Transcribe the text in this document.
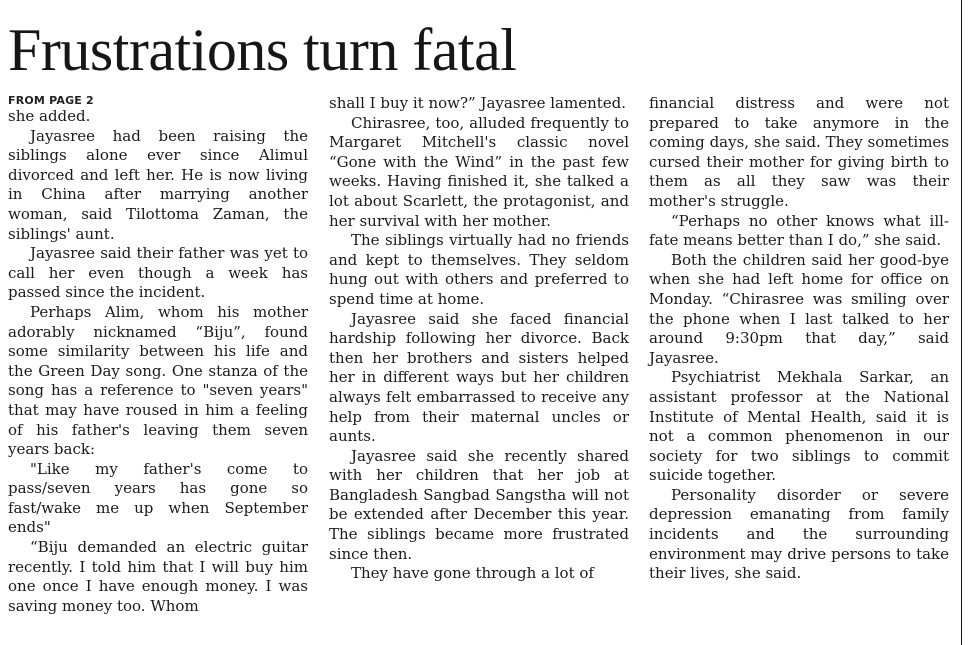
Frustrations turn fatal
FROM PAGE 2

she added.

Jayasree had been raising the siblings alone ever since Alimul divorced and left her. He is now living in China after marrying another woman, said Tilottoma Zaman, the siblings' aunt.

Jayasree said their father was yet to call her even though a week has passed since the incident.

Perhaps Alim, whom his mother adorably nicknamed “Biju”, found some similarity between his life and the Green Day song. One stanza of the song has a reference to "seven years" that may have roused in him a feeling of his father's leaving them seven years back:

"Like my father's come to pass/seven years has gone so fast/wake me up when September ends"

“Biju demanded an electric guitar recently. I told him that I will buy him one once I have enough money. I was saving money too. Whom

shall I buy it now?” Jayasree lamented.

Chirasree, too, alluded frequently to Margaret Mitchell's classic novel “Gone with the Wind” in the past few weeks. Having finished it, she talked a lot about Scarlett, the protagonist, and her survival with her mother.

The siblings virtually had no friends and kept to themselves. They seldom hung out with others and preferred to spend time at home.

Jayasree said she faced financial hardship following her divorce. Back then her brothers and sisters helped her in different ways but her children always felt embarrassed to receive any help from their maternal uncles or aunts.

Jayasree said she recently shared with her children that her job at Bangladesh Sangbad Sangstha will not be extended after December this year. The siblings became more frustrated since then.

They have gone through a lot of

financial distress and were not prepared to take anymore in the coming days, she said. They sometimes cursed their mother for giving birth to them as all they saw was their mother's struggle.

“Perhaps no other knows what ill-fate means better than I do,” she said.

Both the children said her good-bye when she had left home for office on Monday. “Chirasree was smiling over the phone when I last talked to her around 9:30pm that day,” said Jayasree.

Psychiatrist Mekhala Sarkar, an assistant professor at the National Institute of Mental Health, said it is not a common phenomenon in our society for two siblings to commit suicide together.

Personality disorder or severe depression emanating from family incidents and the surrounding environment may drive persons to take their lives, she said.
